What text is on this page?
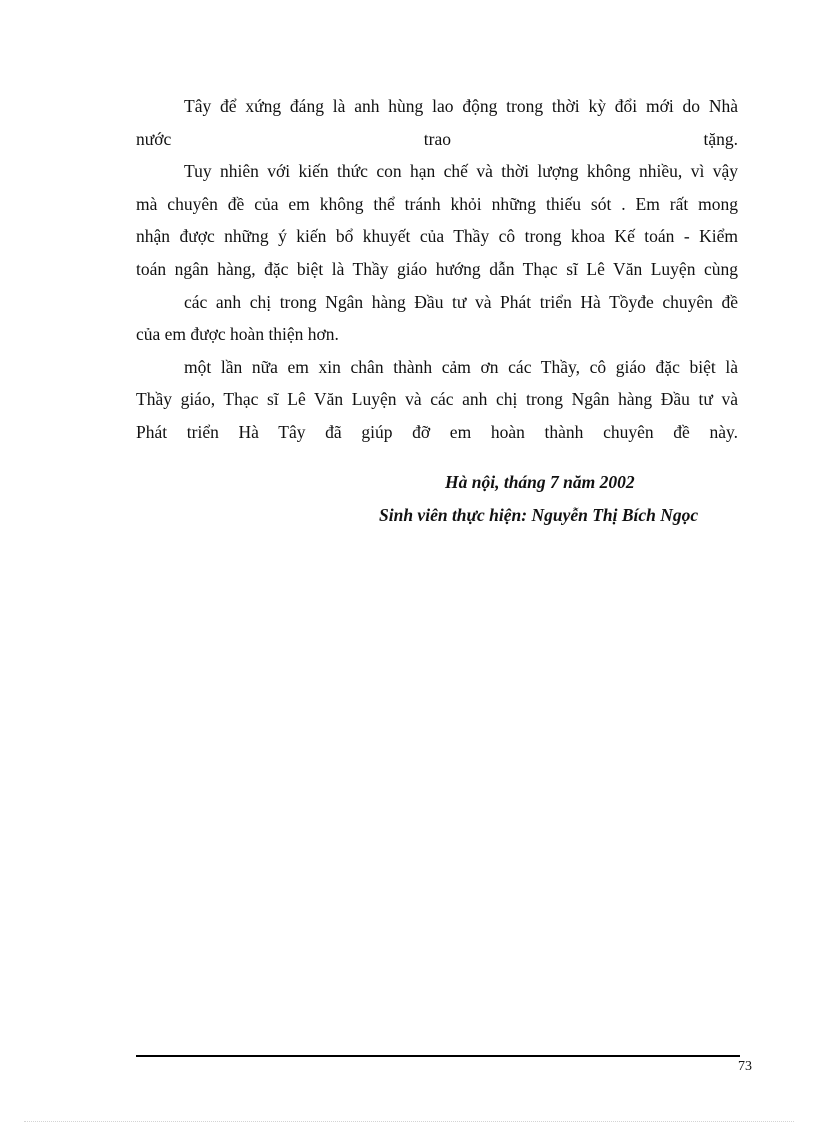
Tây để xứng đáng là anh hùng lao động trong thời kỳ đổi mới do Nhà
nước trao tặng.
Tuy nhiên với kiến thức con hạn chế và thời lượng không nhiều, vì vậy
mà chuyên đề của em không thể tránh khỏi những thiếu sót . Em rất mong
nhận được những ý kiến bổ khuyết của Thầy cô trong khoa Kế toán - Kiểm
toán ngân hàng, đặc biệt là Thầy giáo hướng dẫn Thạc sĩ Lê Văn Luyện cùng
các anh chị trong Ngân hàng Đầu tư và Phát triển Hà Tồyđe chuyên đề
của em được hoàn thiện hơn.
một lần nữa em xin chân thành cảm ơn các Thầy, cô giáo đặc biệt là
Thầy giáo, Thạc sĩ Lê Văn Luyện và các anh chị trong Ngân hàng Đầu tư và
Phát triển Hà Tây đã giúp đỡ em hoàn thành chuyên đề này.
Hà nội, tháng 7 năm 2002
Sinh viên thực hiện: Nguyễn Thị Bích Ngọc
73
